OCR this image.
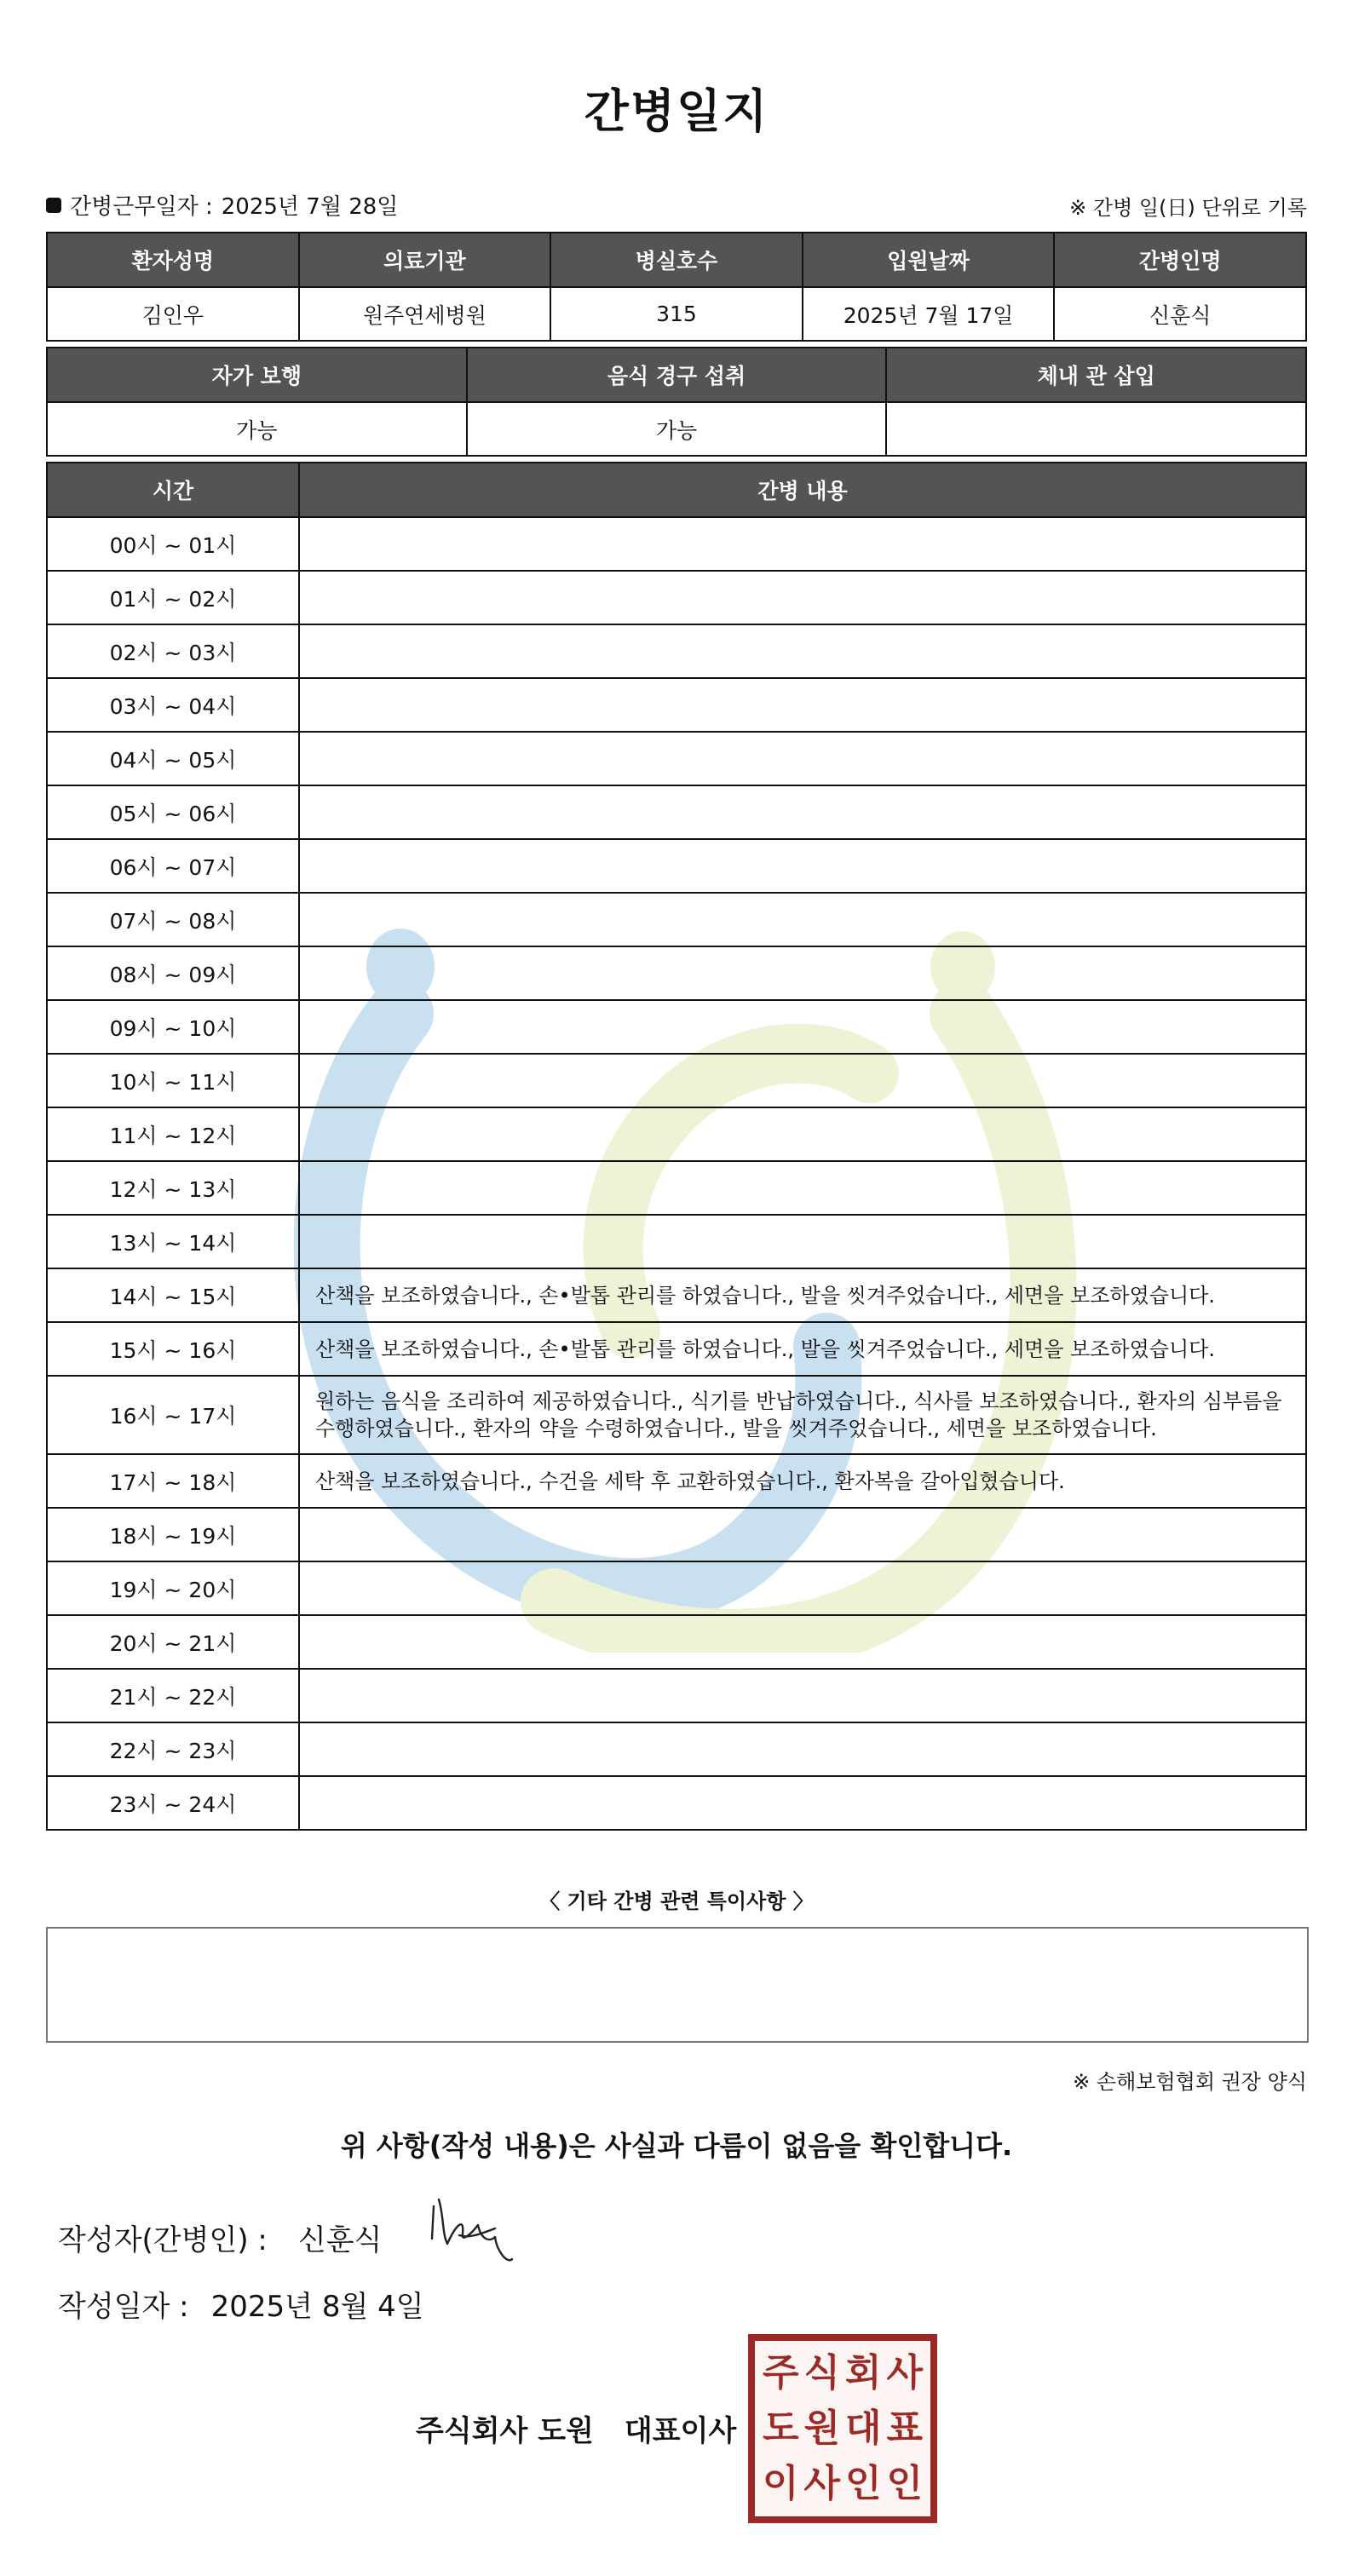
간병일지
간병근무일자 : 2025년 7월 28일	※ 간병 일(日) 단위로 기록
환자성명	의료기관	병실호수	입원날짜	간병인명
김인우	원주연세병원	315	2025년 7월 17일	신훈식
자가 보행	음식 경구 섭취	체내 관 삽입
가능	가능	
시간	간병 내용
00시 ~ 01시	
01시 ~ 02시	
02시 ~ 03시	
03시 ~ 04시	
04시 ~ 05시	
05시 ~ 06시	
06시 ~ 07시	
07시 ~ 08시	
08시 ~ 09시	
09시 ~ 10시	
10시 ~ 11시	
11시 ~ 12시	
12시 ~ 13시	
13시 ~ 14시	
14시 ~ 15시	산책을 보조하였습니다., 손•발톱 관리를 하였습니다., 발을 씻겨주었습니다., 세면을 보조하였습니다.
15시 ~ 16시	산책을 보조하였습니다., 손•발톱 관리를 하였습니다., 발을 씻겨주었습니다., 세면을 보조하였습니다.
16시 ~ 17시	원하는 음식을 조리하여 제공하였습니다., 식기를 반납하였습니다., 식사를 보조하였습니다., 환자의 심부름을 수행하였습니다., 환자의 약을 수령하였습니다., 발을 씻겨주었습니다., 세면을 보조하였습니다.
17시 ~ 18시	산책을 보조하였습니다., 수건을 세탁 후 교환하였습니다., 환자복을 갈아입혔습니다.
18시 ~ 19시	
19시 ~ 20시	
20시 ~ 21시	
21시 ~ 22시	
22시 ~ 23시	
23시 ~ 24시	
〈 기타 간병 관련 특이사항 〉
※ 손해보험협회 권장 양식
위 사항(작성 내용)은 사실과 다름이 없음을 확인합니다.
작성자(간병인) : 신훈식
작성일자 : 2025년 8월 4일
주식회사 도원 대표이사
주 식 회 사
도 원 대 표
이 사 인 인
